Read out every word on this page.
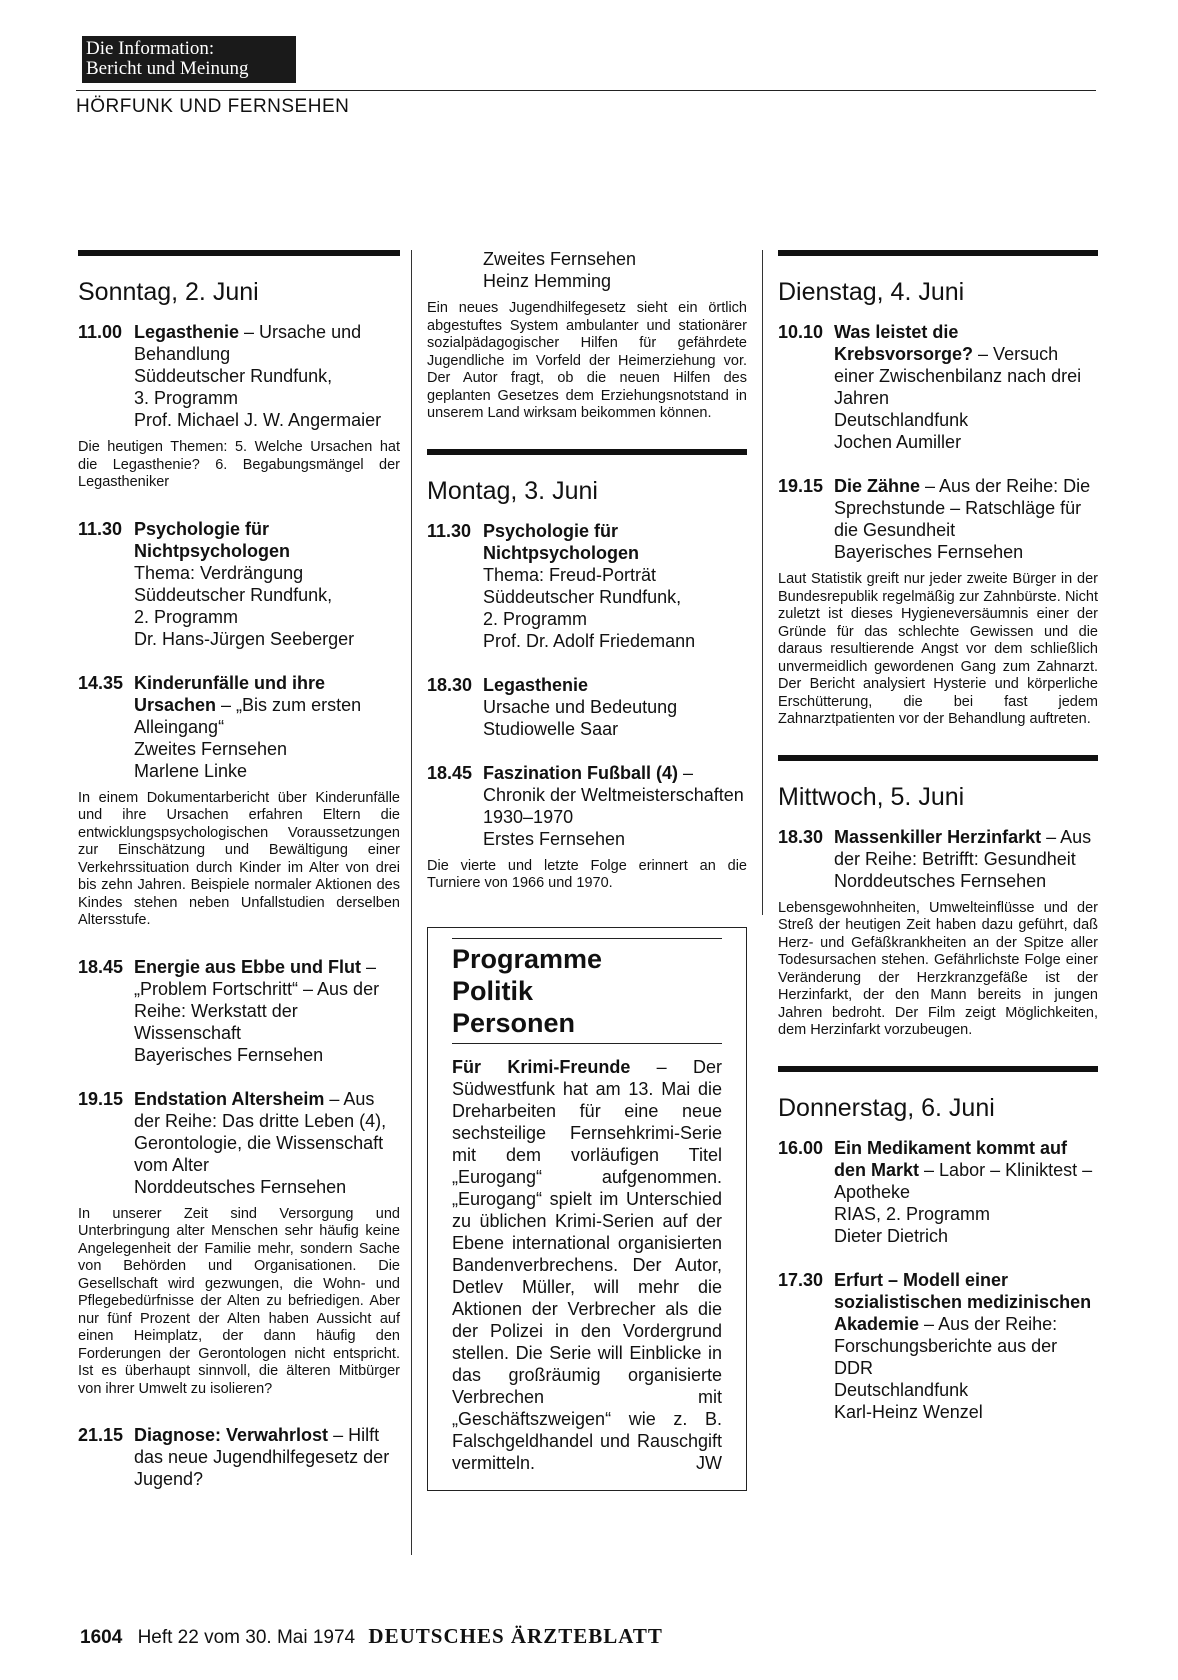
Die Information:
Bericht und Meinung
HÖRFUNK UND FERNSEHEN
Sonntag, 2. Juni
11.00 Legasthenie – Ursache und Behandlung
Süddeutscher Rundfunk,
3. Programm
Prof. Michael J. W. Angermaier

Die heutigen Themen: 5. Welche Ursachen hat die Legasthenie? 6. Begabungsmängel der Legastheniker

11.30 Psychologie für Nichtpsychologen
Thema: Verdrängung
Süddeutscher Rundfunk,
2. Programm
Dr. Hans-Jürgen Seeberger
14.35 Kinderunfälle und ihre Ursachen – „Bis zum ersten Alleingang“
Zweites Fernsehen
Marlene Linke

In einem Dokumentarbericht über Kinderunfälle und ihre Ursachen erfahren Eltern die entwicklungspsychologischen Voraussetzungen zur Einschätzung und Bewältigung einer Verkehrssituation durch Kinder im Alter von drei bis zehn Jahren. Beispiele normaler Aktionen des Kindes stehen neben Unfallstudien derselben Altersstufe.

18.45 Energie aus Ebbe und Flut – „Problem Fortschritt“ – Aus der Reihe: Werkstatt der Wissenschaft
Bayerisches Fernsehen
19.15 Endstation Altersheim – Aus der Reihe: Das dritte Leben (4), Gerontologie, die Wissenschaft vom Alter
Norddeutsches Fernsehen

In unserer Zeit sind Versorgung und Unterbringung alter Menschen sehr häufig keine Angelegenheit der Familie mehr, sondern Sache von Behörden und Organisationen. Die Gesellschaft wird gezwungen, die Wohn- und Pflegebedürfnisse der Alten zu befriedigen. Aber nur fünf Prozent der Alten haben Aussicht auf einen Heimplatz, der dann häufig den Forderungen der Gerontologen nicht entspricht. Ist es überhaupt sinnvoll, die älteren Mitbürger von ihrer Umwelt zu isolieren?

21.15 Diagnose: Verwahrlost – Hilft das neue Jugendhilfegesetz der Jugend?
Zweites Fernsehen
Heinz Hemming

Ein neues Jugendhilfegesetz sieht ein örtlich abgestuftes System ambulanter und stationärer sozialpädagogischer Hilfen für gefährdete Jugendliche im Vorfeld der Heimerziehung vor. Der Autor fragt, ob die neuen Hilfen des geplanten Gesetzes dem Erziehungsnotstand in unserem Land wirksam beikommen können.

Montag, 3. Juni
11.30 Psychologie für Nichtpsychologen
Thema: Freud-Porträt
Süddeutscher Rundfunk,
2. Programm
Prof. Dr. Adolf Friedemann
18.30 Legasthenie
Ursache und Bedeutung
Studiowelle Saar
18.45 Faszination Fußball (4) – Chronik der Weltmeisterschaften 1930–1970
Erstes Fernsehen

Die vierte und letzte Folge erinnert an die Turniere von 1966 und 1970.

Programme
Politik
Personen
Für Krimi-Freunde – Der Südwestfunk hat am 13. Mai die Dreharbeiten für eine neue sechsteilige Fernsehkrimi-Serie mit dem vorläufigen Titel „Eurogang“ aufgenommen. „Eurogang“ spielt im Unterschied zu üblichen Krimi-Serien auf der Ebene international organisierten Bandenverbrechens. Der Autor, Detlev Müller, will mehr die Aktionen der Verbrecher als die der Polizei in den Vordergrund stellen. Die Serie will Einblicke in das großräumig organisierte Verbrechen mit „Geschäftszweigen“ wie z. B. Falschgeldhandel und Rauschgift vermitteln.	JW
Dienstag, 4. Juni
10.10 Was leistet die Krebsvorsorge? – Versuch einer Zwischenbilanz nach drei Jahren
Deutschlandfunk
Jochen Aumiller
19.15 Die Zähne – Aus der Reihe: Die Sprechstunde – Ratschläge für die Gesundheit
Bayerisches Fernsehen

Laut Statistik greift nur jeder zweite Bürger in der Bundesrepublik regelmäßig zur Zahnbürste. Nicht zuletzt ist dieses Hygieneversäumnis einer der Gründe für das schlechte Gewissen und die daraus resultierende Angst vor dem schließlich unvermeidlich gewordenen Gang zum Zahnarzt. Der Bericht analysiert Hysterie und körperliche Erschütterung, die bei fast jedem Zahnarztpatienten vor der Behandlung auftreten.

Mittwoch, 5. Juni
18.30 Massenkiller Herzinfarkt – Aus der Reihe: Betrifft: Gesundheit
Norddeutsches Fernsehen

Lebensgewohnheiten, Umwelteinflüsse und der Streß der heutigen Zeit haben dazu geführt, daß Herz- und Gefäßkrankheiten an der Spitze aller Todesursachen stehen. Gefährlichste Folge einer Veränderung der Herzkranzgefäße ist der Herzinfarkt, der den Mann bereits in jungen Jahren bedroht. Der Film zeigt Möglichkeiten, dem Herzinfarkt vorzubeugen.

Donnerstag, 6. Juni
16.00 Ein Medikament kommt auf den Markt – Labor – Kliniktest – Apotheke
RIAS, 2. Programm
Dieter Dietrich
17.30 Erfurt – Modell einer sozialistischen medizinischen Akademie – Aus der Reihe: Forschungsberichte aus der DDR
Deutschlandfunk
Karl-Heinz Wenzel
1604 Heft 22 vom 30. Mai 1974 DEUTSCHES ÄRZTEBLATT
